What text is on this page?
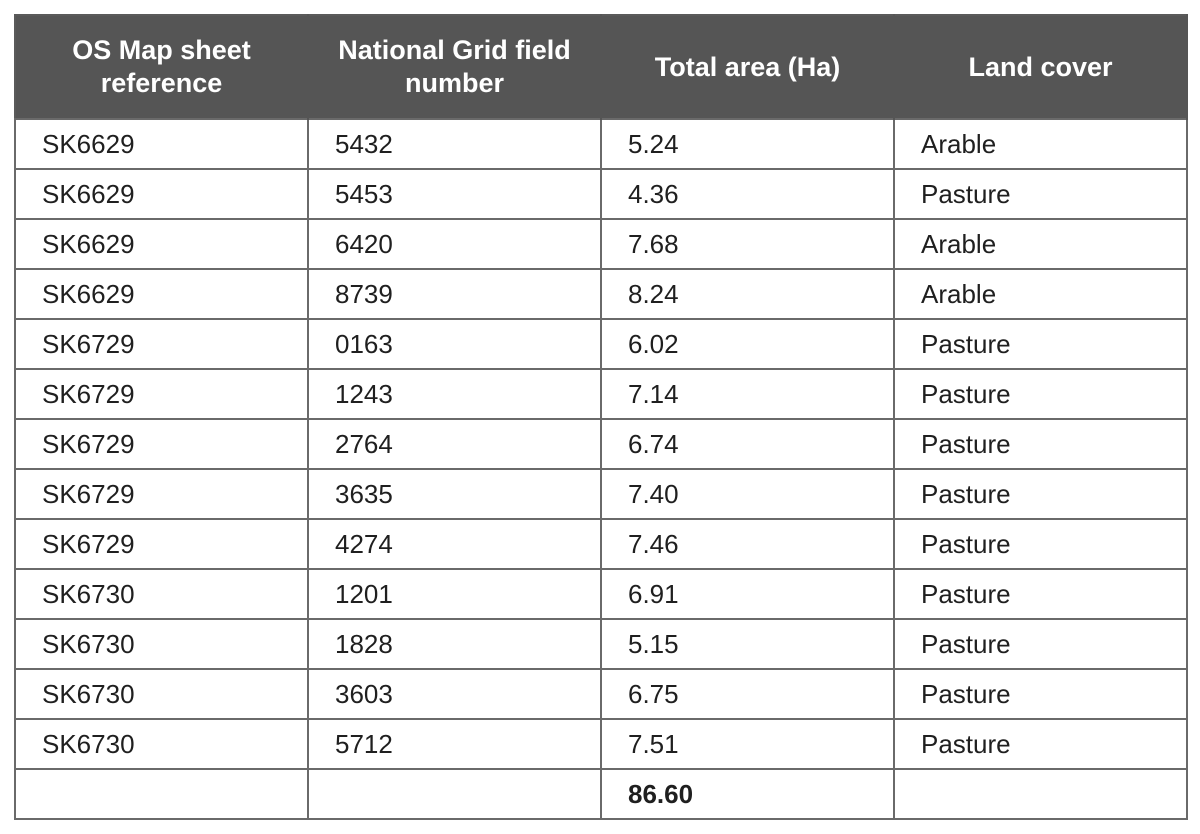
OS Map sheet reference	National Grid field number	Total area (Ha)	Land cover
SK6629	5432	5.24	Arable
SK6629	5453	4.36	Pasture
SK6629	6420	7.68	Arable
SK6629	8739	8.24	Arable
SK6729	0163	6.02	Pasture
SK6729	1243	7.14	Pasture
SK6729	2764	6.74	Pasture
SK6729	3635	7.40	Pasture
SK6729	4274	7.46	Pasture
SK6730	1201	6.91	Pasture
SK6730	1828	5.15	Pasture
SK6730	3603	6.75	Pasture
SK6730	5712	7.51	Pasture
		86.60	
